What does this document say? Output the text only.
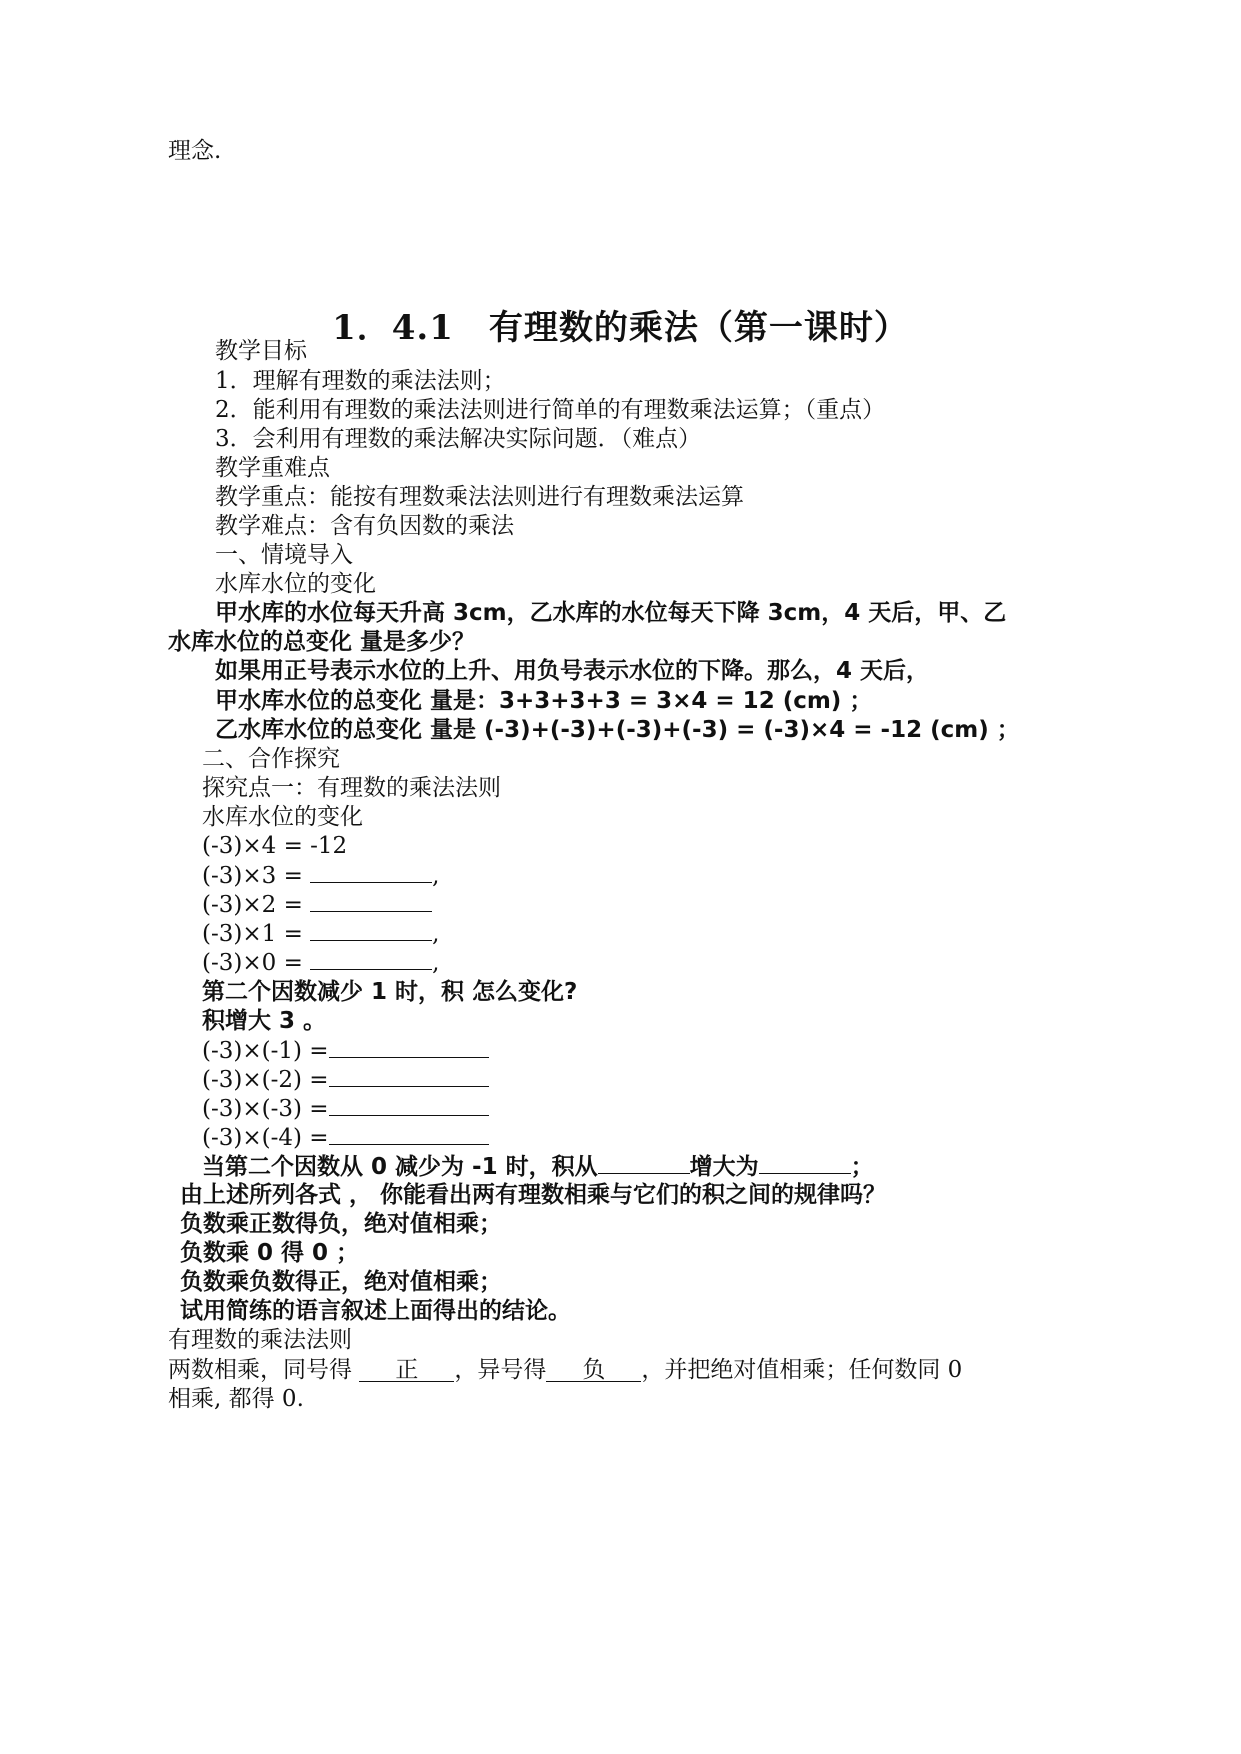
理念.
1．4.1　有理数的乘法（第一课时）
教学目标
1．理解有理数的乘法法则；
2．能利用有理数的乘法法则进行简单的有理数乘法运算；（重点）
3．会利用有理数的乘法解决实际问题．（难点）
教学重难点
教学重点：能按有理数乘法法则进行有理数乘法运算
教学难点：含有负因数的乘法
一、情境导入
水库水位的变化
甲水库的水位每天升高 3cm，乙水库的水位每天下降 3cm，4 天后，甲、乙
水库水位的总变化 量是多少？
如果用正号表示水位的上升、用负号表示水位的下降。那么，4 天后，
甲水库水位的总变化 量是：3+3+3+3 = 3×4 = 12 (cm) ；
乙水库水位的总变化 量是 (-3)+(-3)+(-3)+(-3) = (-3)×4 = -12 (cm) ；
二、合作探究
探究点一：有理数的乘法法则
水库水位的变化
(-3)×4 = -12
(-3)×3 =	,
(-3)×2 =
(-3)×1 =	,
(-3)×0 =	,
第二个因数减少 1 时，积 怎么变化?
积增大 3 。
(-3)×(-1) =
(-3)×(-2) =
(-3)×(-3) =
(-3)×(-4) =
当第二个因数从 0 减少为 -1 时，积从	增大为	；
由上述所列各式 ， 你能看出两有理数相乘与它们的积之间的规律吗？
负数乘正数得负，绝对值相乘；
负数乘 0 得 0 ；
负数乘负数得正，绝对值相乘；
试用简练的语言叙述上面得出的结论。
有理数的乘法法则
两数相乘，同号得 正 ，异号得 负 ，并把绝对值相乘；任何数同 0
相乘, 都得 0.
